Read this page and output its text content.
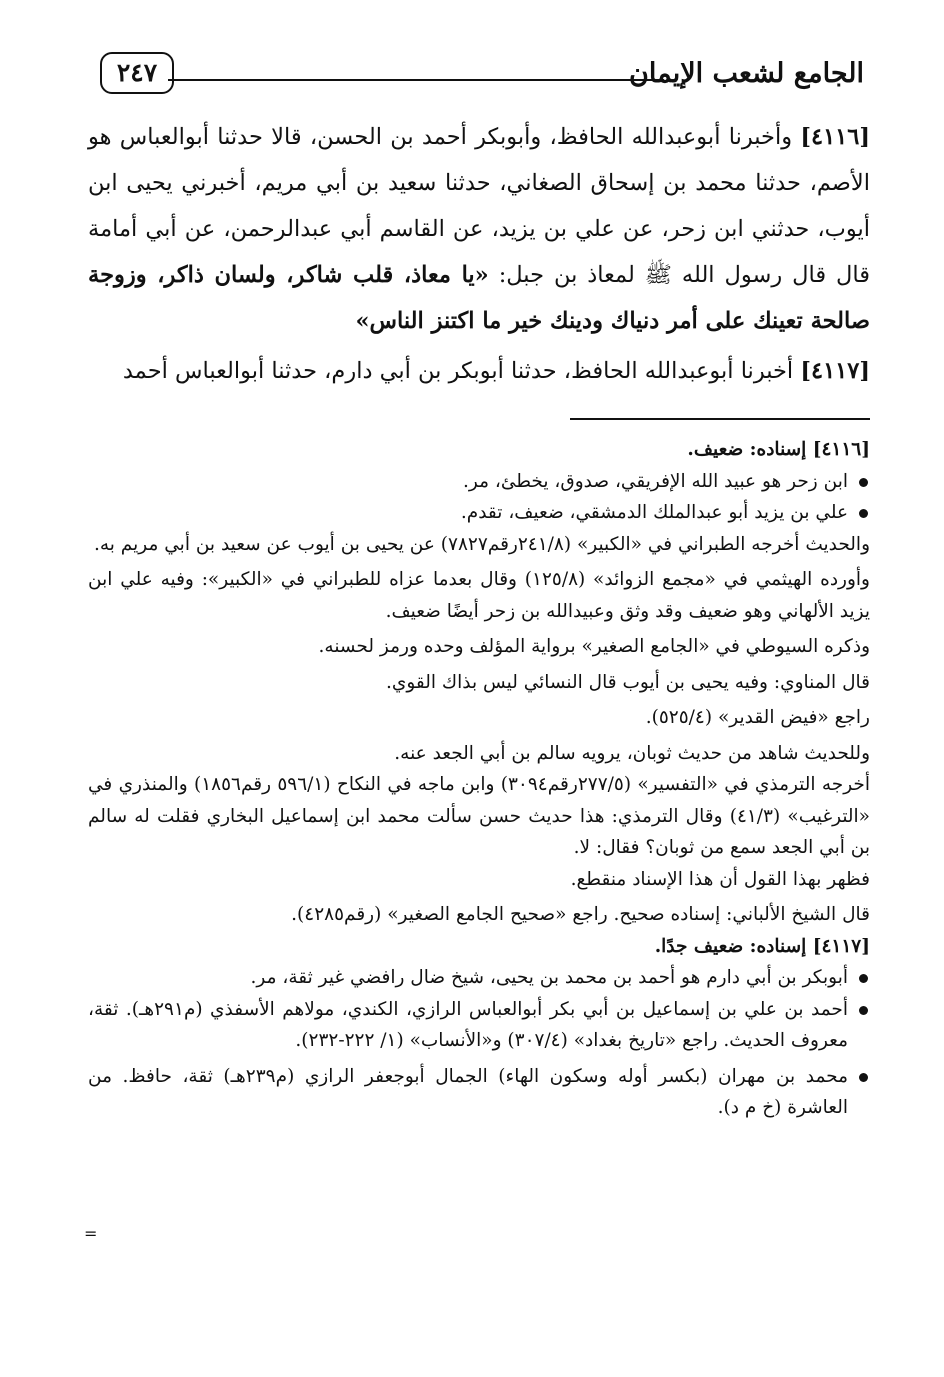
الجامع لشعب الإيمان
٢٤٧

[٤١١٦] وأخبرنا أبوعبدالله الحافظ، وأبوبكر أحمد بن الحسن، قالا حدثنا أبوالعباس هو الأصم، حدثنا محمد بن إسحاق الصغاني، حدثنا سعيد بن أبي مريم، أخبرني يحيى ابن أيوب، حدثني ابن زحر، عن علي بن يزيد، عن القاسم أبي عبدالرحمن، عن أبي أمامة قال قال رسول الله ﷺ لمعاذ بن جبل: «يا معاذ، قلب شاكر، ولسان ذاكر، وزوجة صالحة تعينك على أمر دنياك ودينك خير ما اكتنز الناس»

[٤١١٧] أخبرنا أبوعبدالله الحافظ، حدثنا أبوبكر بن أبي دارم، حدثنا أبوالعباس أحمد

[٤١١٦] إسناده: ضعيف.

ابن زحر هو عبيد الله الإفريقي، صدوق، يخطئ، مر.

علي بن يزيد أبو عبدالملك الدمشقي، ضعيف، تقدم.

والحديث أخرجه الطبراني في «الكبير» (٢٤١/٨رقم٧٨٢٧) عن يحيى بن أيوب عن سعيد بن أبي مريم به.

وأورده الهيثمي في «مجمع الزوائد» (١٢٥/٨) وقال بعدما عزاه للطبراني في «الكبير»: وفيه علي ابن يزيد الألهاني وهو ضعيف وقد وثق وعبيدالله بن زحر أيضًا ضعيف.

وذكره السيوطي في «الجامع الصغير» برواية المؤلف وحده ورمز لحسنه.

قال المناوي: وفيه يحيى بن أيوب قال النسائي ليس بذاك القوي.

راجع «فيض القدير» (٥٢٥/٤).

وللحديث شاهد من حديث ثوبان، يرويه سالم بن أبي الجعد عنه.

أخرجه الترمذي في «التفسير» (٢٧٧/٥رقم٣٠٩٤) وابن ماجه في النكاح (٥٩٦/١ رقم١٨٥٦) والمنذري في «الترغيب» (٤١/٣) وقال الترمذي: هذا حديث حسن سألت محمد ابن إسماعيل البخاري فقلت له سالم بن أبي الجعد سمع من ثوبان؟ فقال: لا.

فظهر بهذا القول أن هذا الإسناد منقطع.

قال الشيخ الألباني: إسناده صحيح. راجع «صحيح الجامع الصغير» (رقم٤٢٨٥).

[٤١١٧] إسناده: ضعيف جدًا.

أبوبكر بن أبي دارم هو أحمد بن محمد بن يحيى، شيخ ضال رافضي غير ثقة، مر.

أحمد بن علي بن إسماعيل بن أبي بكر أبوالعباس الرازي، الكندي، مولاهم الأسفذي (م٢٩١هـ). ثقة، معروف الحديث. راجع «تاريخ بغداد» (٣٠٧/٤) و«الأنساب» (١/ ٢٢٢-٢٣٢).

محمد بن مهران (بكسر أوله وسكون الهاء) الجمال أبوجعفر الرازي (م٢٣٩هـ) ثقة، حافظ. من العاشرة (خ م د).

=
